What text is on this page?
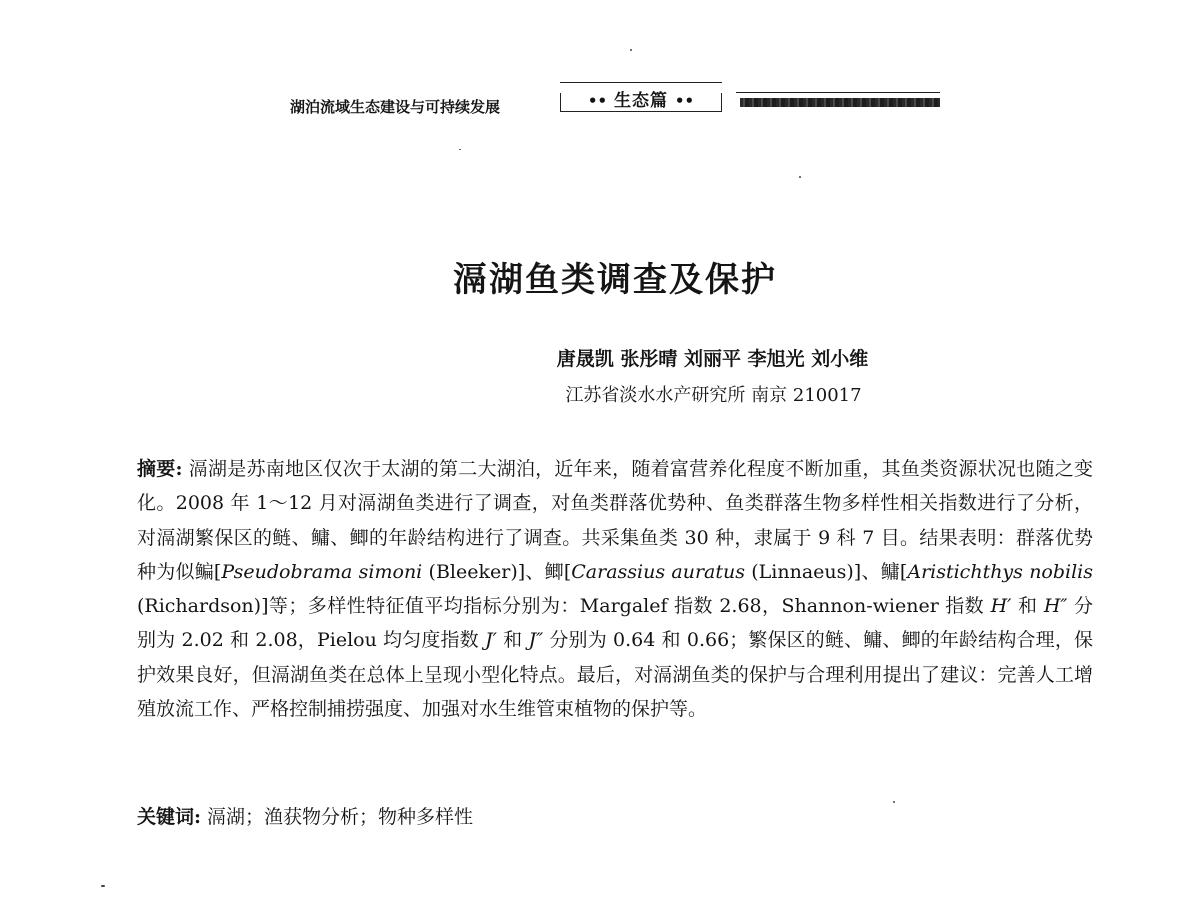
湖泊流域生态建设与可持续发展	•• 生态篇 ••
滆湖鱼类调查及保护
唐晟凯 张彤晴 刘丽平 李旭光 刘小维
江苏省淡水水产研究所 南京 210017

摘要: 滆湖是苏南地区仅次于太湖的第二大湖泊，近年来，随着富营养化程度不断加重，其鱼类资源状况也随之变化。2008 年 1～12 月对滆湖鱼类进行了调查，对鱼类群落优势种、鱼类群落生物多样性相关指数进行了分析，对滆湖繁保区的鲢、鳙、鲫的年龄结构进行了调查。共采集鱼类 30 种，隶属于 9 科 7 目。结果表明：群落优势种为似鳊[Pseudobrama simoni (Bleeker)]、鲫[Carassius auratus (Linnaeus)]、鳙[Aristichthys nobilis (Richardson)]等；多样性特征值平均指标分别为：Margalef 指数 2.68，Shannon-wiener 指数 H′ 和 H″ 分别为 2.02 和 2.08，Pielou 均匀度指数 J′ 和 J″ 分别为 0.64 和 0.66；繁保区的鲢、鳙、鲫的年龄结构合理，保护效果良好，但滆湖鱼类在总体上呈现小型化特点。最后，对滆湖鱼类的保护与合理利用提出了建议：完善人工增殖放流工作、严格控制捕捞强度、加强对水生维管束植物的保护等。

关键词: 滆湖；渔获物分析；物种多样性
